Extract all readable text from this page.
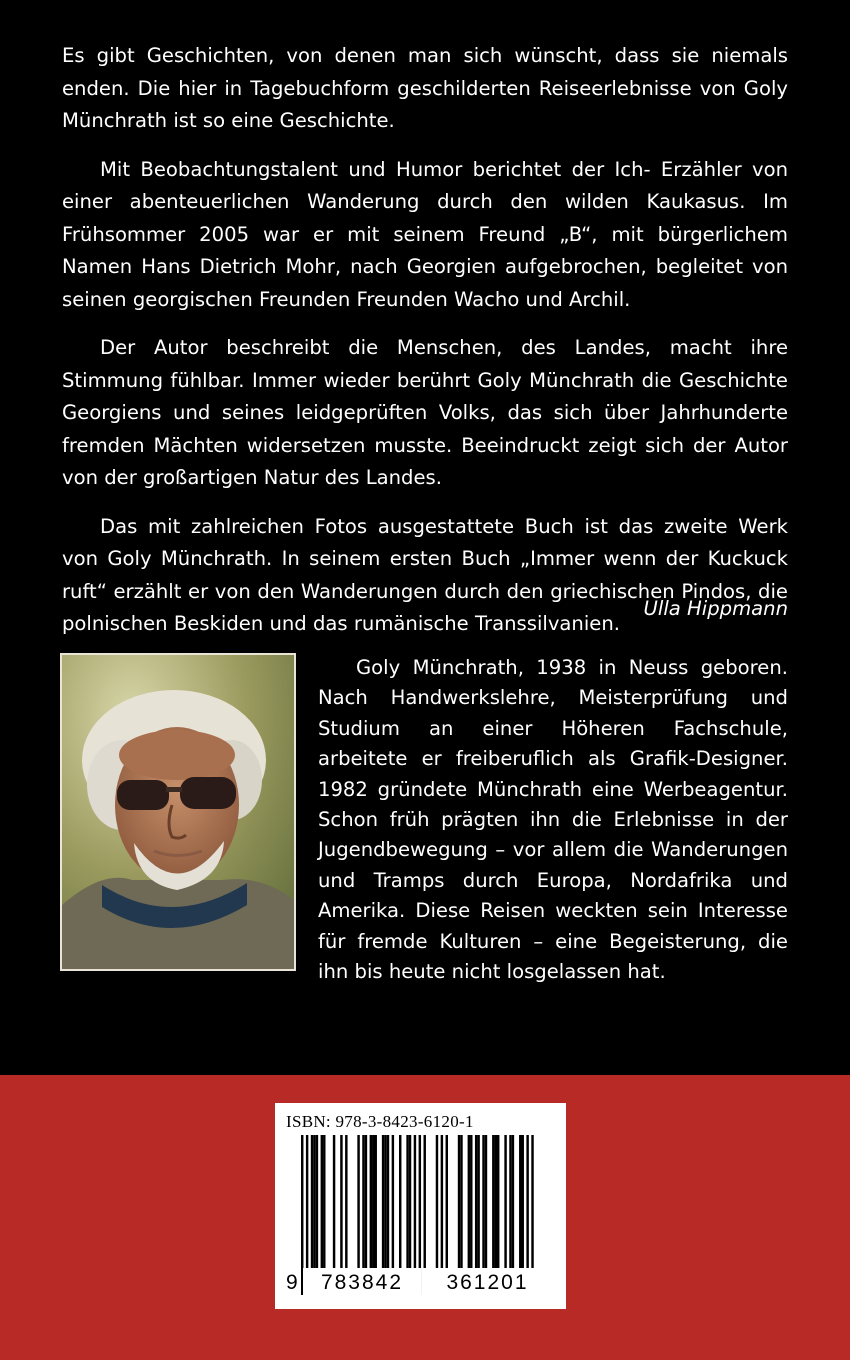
Es gibt Geschichten, von denen man sich wünscht, dass sie niemals enden. Die hier in Tagebuchform geschilderten Reiseerlebnisse von Goly Münchrath ist so eine Geschichte.

Mit Beobachtungstalent und Humor berichtet der Ich- Erzähler von einer abenteuerlichen Wanderung durch den wilden Kaukasus. Im Frühsommer 2005 war er mit seinem Freund „B“, mit bürgerlichem Namen Hans Dietrich Mohr, nach Georgien aufgebrochen, begleitet von seinen georgischen Freunden Freunden Wacho und Archil.

Der Autor beschreibt die Menschen, des Landes, macht ihre Stimmung fühlbar. Immer wieder berührt Goly Münchrath die Geschichte Georgiens und seines leidgeprüften Volks, das sich über Jahrhunderte fremden Mächten widersetzen musste. Beeindruckt zeigt sich der Autor von der großartigen Natur des Landes.

Das mit zahlreichen Fotos ausgestattete Buch ist das zweite Werk von Goly Münchrath. In seinem ersten Buch „Immer wenn der Kuckuck ruft“ erzählt er von den Wanderungen durch den griechischen Pindos, die polnischen Beskiden und das rumänische Transsilvanien.

Ulla Hippmann

Goly Münchrath, 1938 in Neuss geboren. Nach Handwerkslehre, Meisterprüfung und Studium an einer Höheren Fachschule, arbeitete er freiberuflich als Grafik-Designer. 1982 gründete Münchrath eine Werbeagentur. Schon früh prägten ihn die Erlebnisse in der Jugendbewegung – vor allem die Wanderungen und Tramps durch Europa, Nordafrika und Amerika. Diese Reisen weckten sein Interesse für fremde Kulturen – eine Begeisterung, die ihn bis heute nicht losgelassen hat.

ISBN: 978-3-8423-6120-1
9	783842	361201
